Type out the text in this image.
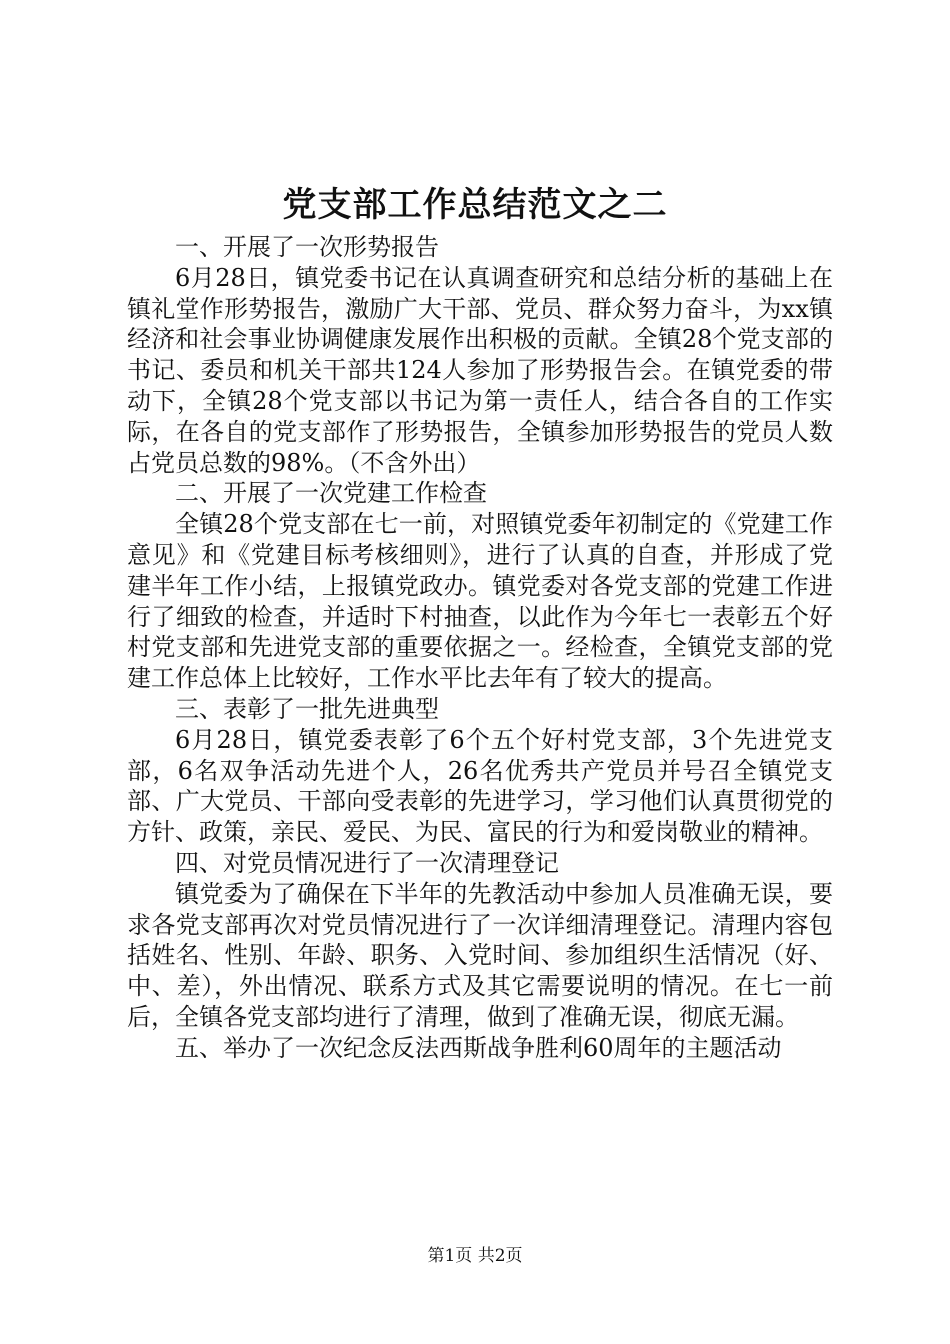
党支部工作总结范文之二

一、开展了一次形势报告

6月28日，镇党委书记在认真调查研究和总结分析的基础上在镇礼堂作形势报告，激励广大干部、党员、群众努力奋斗，为xx镇经济和社会事业协调健康发展作出积极的贡献。全镇28个党支部的书记、委员和机关干部共124人参加了形势报告会。在镇党委的带动下，全镇28个党支部以书记为第一责任人，结合各自的工作实际，在各自的党支部作了形势报告，全镇参加形势报告的党员人数占党员总数的98%。（不含外出）

二、开展了一次党建工作检查

全镇28个党支部在七一前，对照镇党委年初制定的《党建工作意见》和《党建目标考核细则》，进行了认真的自查，并形成了党建半年工作小结，上报镇党政办。镇党委对各党支部的党建工作进行了细致的检查，并适时下村抽查，以此作为今年七一表彰五个好村党支部和先进党支部的重要依据之一。经检查，全镇党支部的党建工作总体上比较好，工作水平比去年有了较大的提高。

三、表彰了一批先进典型

6月28日，镇党委表彰了6个五个好村党支部，3个先进党支部，6名双争活动先进个人，26名优秀共产党员并号召全镇党支部、广大党员、干部向受表彰的先进学习，学习他们认真贯彻党的方针、政策，亲民、爱民、为民、富民的行为和爱岗敬业的精神。

四、对党员情况进行了一次清理登记

镇党委为了确保在下半年的先教活动中参加人员准确无误，要求各党支部再次对党员情况进行了一次详细清理登记。清理内容包括姓名、性别、年龄、职务、入党时间、参加组织生活情况（好、中、差），外出情况、联系方式及其它需要说明的情况。在七一前后，全镇各党支部均进行了清理，做到了准确无误，彻底无漏。

五、举办了一次纪念反法西斯战争胜利60周年的主题活动

第1页 共2页
